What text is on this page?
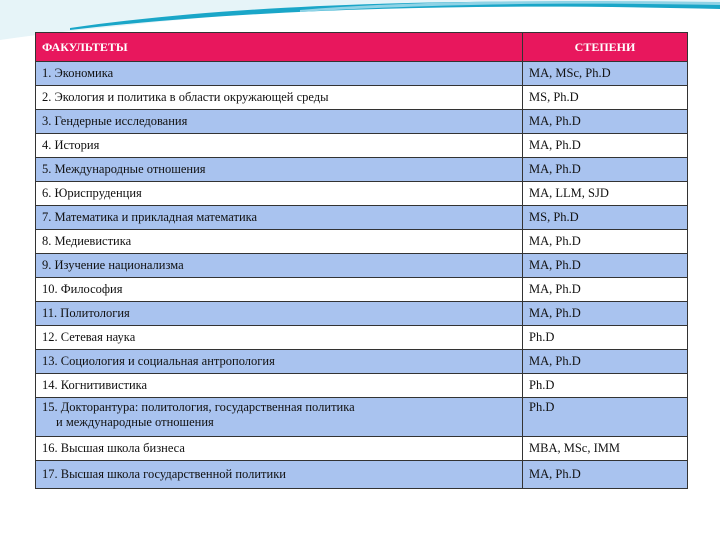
ФАКУЛЬТЕТЫ	СТЕПЕНИ
1. Экономика	MA, MSc, Ph.D
2. Экология и политика в области окружающей среды	MS, Ph.D
3. Гендерные исследования	MA, Ph.D
4. История	MA, Ph.D
5. Международные отношения	MA, Ph.D
6. Юриспруденция	MA, LLM, SJD
7. Математика и прикладная математика	MS, Ph.D
8. Медиевистика	MA, Ph.D
9. Изучение национализма	MA, Ph.D
10. Философия	MA, Ph.D
11. Политология	MA, Ph.D
12. Сетевая наука	Ph.D
13. Социология и социальная антропология	MA, Ph.D
14. Когнитивистика	Ph.D
15. Докторантура: политология, государственная политика
и международные отношения	Ph.D
16. Высшая школа бизнеса	MBA, MSc, IMM
17. Высшая школа государственной политики	MA, Ph.D
